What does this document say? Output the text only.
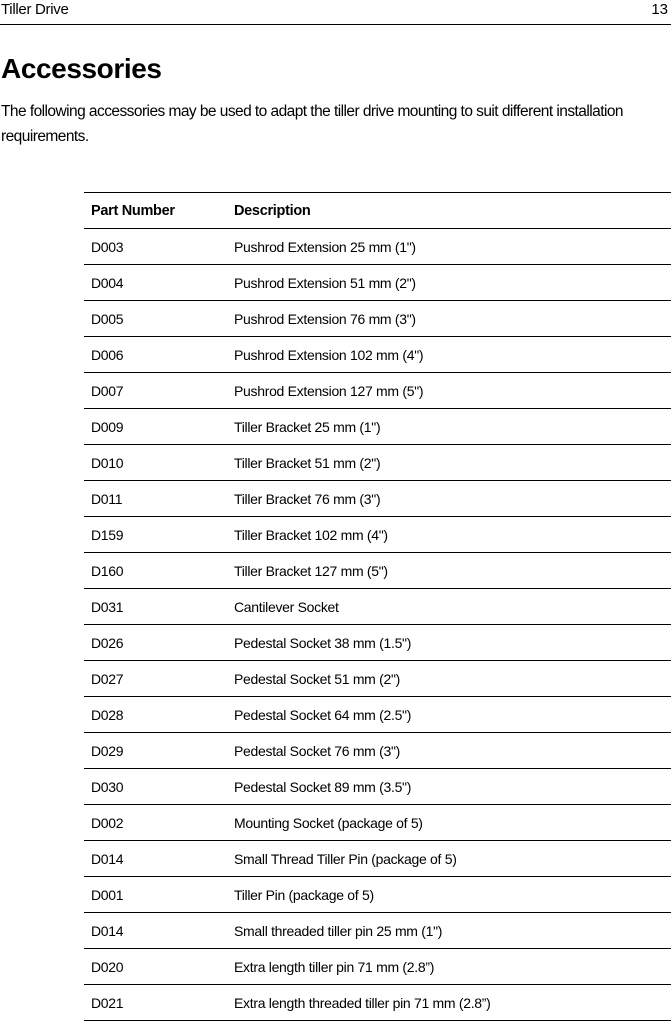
Tiller Drive	13
Accessories

The following accessories may be used to adapt the tiller drive mounting to suit different installation requirements.

Part Number	Description
D003	Pushrod Extension 25 mm (1")
D004	Pushrod Extension 51 mm (2")
D005	Pushrod Extension 76 mm (3")
D006	Pushrod Extension 102 mm (4")
D007	Pushrod Extension 127 mm (5")
D009	Tiller Bracket 25 mm (1")
D010	Tiller Bracket 51 mm (2")
D011	Tiller Bracket 76 mm (3")
D159	Tiller Bracket 102 mm (4")
D160	Tiller Bracket 127 mm (5")
D031	Cantilever Socket
D026	Pedestal Socket 38 mm (1.5")
D027	Pedestal Socket 51 mm (2")
D028	Pedestal Socket 64 mm (2.5")
D029	Pedestal Socket 76 mm (3")
D030	Pedestal Socket 89 mm (3.5")
D002	Mounting Socket (package of 5)
D014	Small Thread Tiller Pin (package of 5)
D001	Tiller Pin (package of 5)
D014	Small threaded tiller pin 25 mm (1")
D020	Extra length tiller pin 71 mm (2.8”)
D021	Extra length threaded tiller pin 71 mm (2.8”)
